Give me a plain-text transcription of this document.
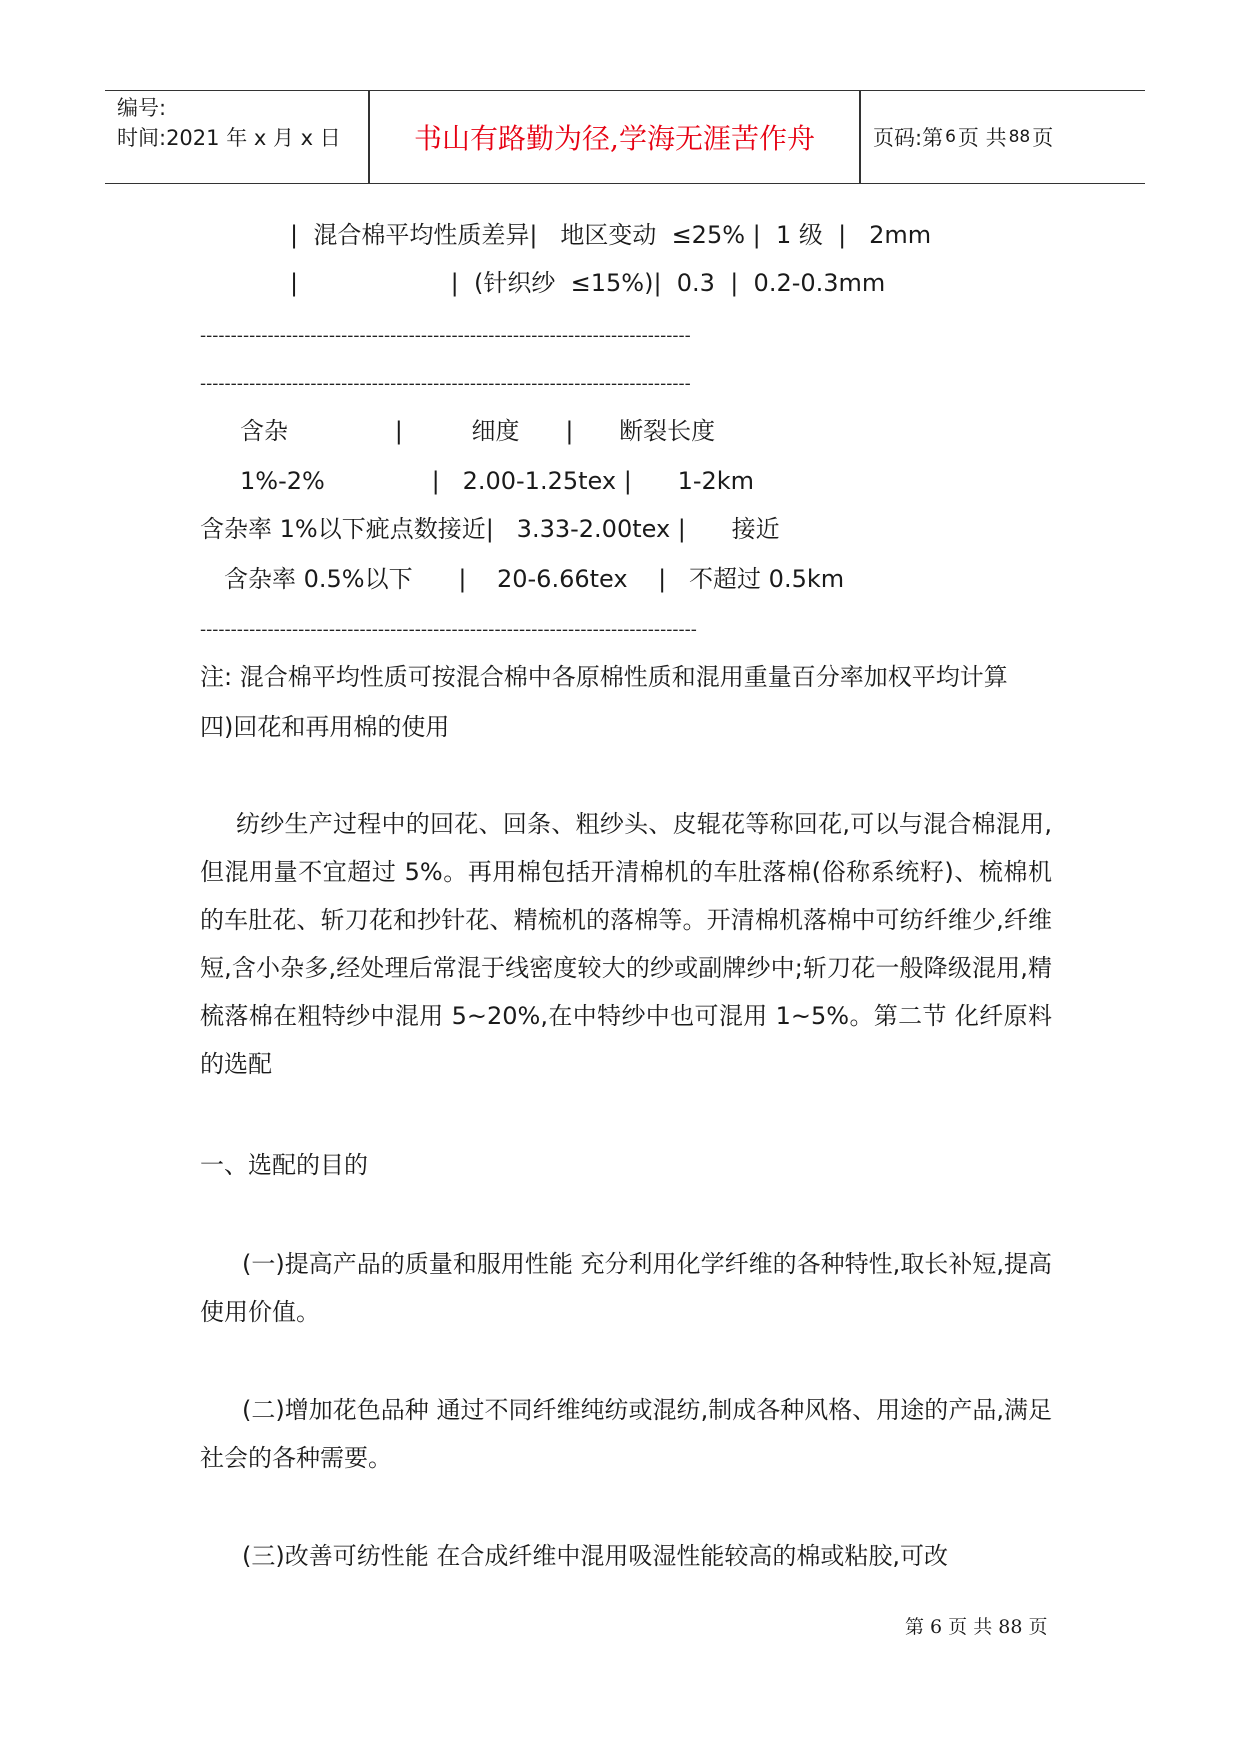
编号:
时间:2021 年 x 月 x 日	书山有路勤为径,学海无涯苦作舟	页码:第 6 页 共 88 页
|  混合棉平均性质差异|   地区变动  ≤25% |  1 级  |   2mm
|                    |  (针织纱  ≤15%)|  0.3  |  0.2-0.3mm
--------------------------------------------------------------------------------
--------------------------------------------------------------------------------
含杂              |         细度      |      断裂长度
1%-2%              |   2.00-1.25tex |      1-2km
含杂率 1%以下疵点数接近|   3.33-2.00tex |      接近
含杂率 0.5%以下      |    20-6.66tex    |   不超过 0.5km
---------------------------------------------------------------------------------
注: 混合棉平均性质可按混合棉中各原棉性质和混用重量百分率加权平均计算
四)回花和再用棉的使用
纺纱生产过程中的回花、回条、粗纱头、皮辊花等称回花,可以与混合棉混用,但混用量不宜超过 5%。再用棉包括开清棉机的车肚落棉(俗称系统籽)、梳棉机的车肚花、斩刀花和抄针花、精梳机的落棉等。开清棉机落棉中可纺纤维少,纤维短,含小杂多,经处理后常混于线密度较大的纱或副牌纱中;斩刀花一般降级混用,精梳落棉在粗特纱中混用 5~20%,在中特纱中也可混用 1~5%。第二节 化纤原料的选配
一、选配的目的
(一)提高产品的质量和服用性能 充分利用化学纤维的各种特性,取长补短,提高使用价值。
(二)增加花色品种 通过不同纤维纯纺或混纺,制成各种风格、用途的产品,满足社会的各种需要。
(三)改善可纺性能 在合成纤维中混用吸湿性能较高的棉或粘胶,可改
第 6 页 共 88 页
